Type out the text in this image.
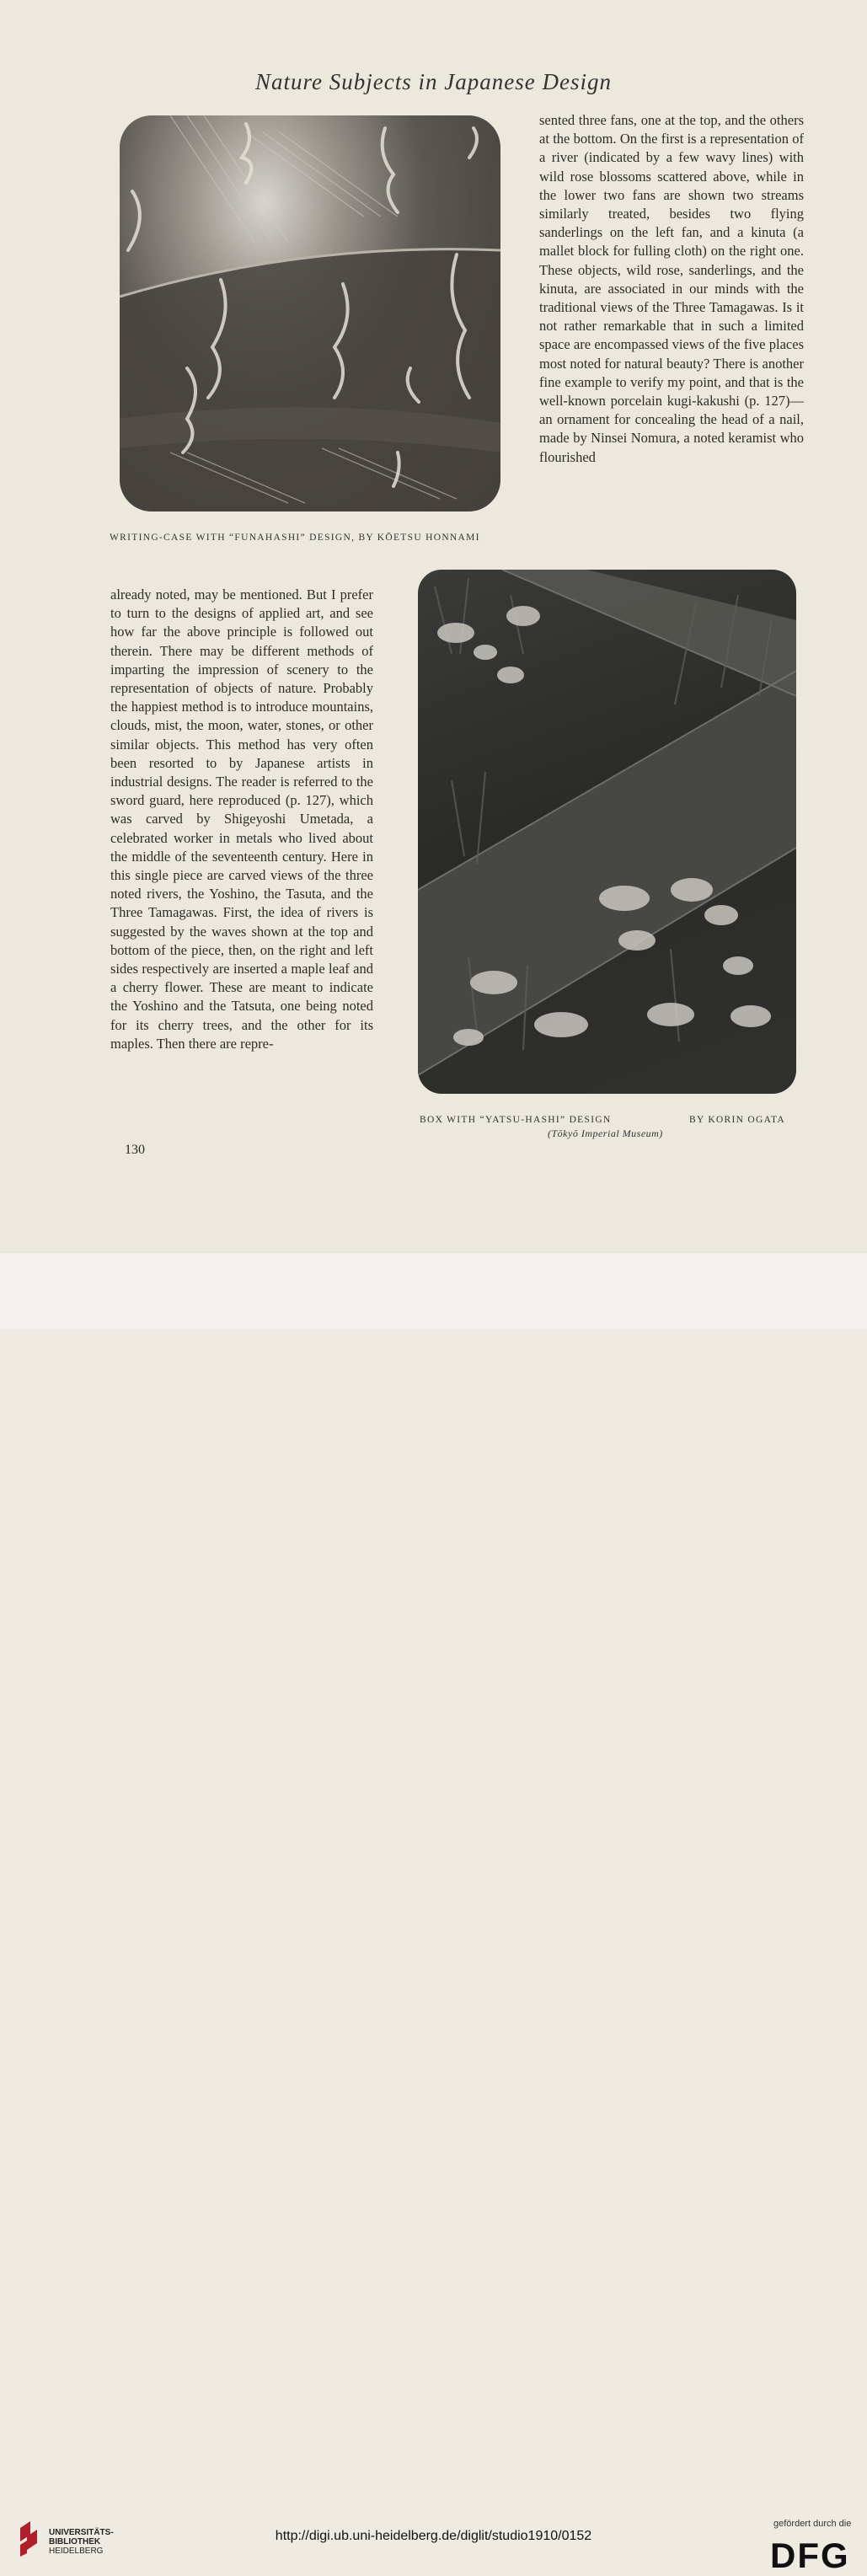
Nature Subjects in Japanese Design
WRITING-CASE WITH “FUNAHASHI” DESIGN, BY KŌETSU HONNAMI

sented three fans, one at the top, and the others at the bottom. On the first is a representation of a river (indicated by a few wavy lines) with wild rose blossoms scattered above, while in the lower two fans are shown two streams similarly treated, besides two flying sanderlings on the left fan, and a kinuta (a mallet block for fulling cloth) on the right one. These objects, wild rose, sanderlings, and the kinuta, are associated in our minds with the traditional views of the Three Tamagawas. Is it not rather remarkable that in such a limited space are encompassed views of the five places most noted for natural beauty? There is another fine example to verify my point, and that is the well-known porcelain kugi-kakushi (p. 127)—an ornament for concealing the head of a nail, made by Ninsei Nomura, a noted keramist who flourished

already noted, may be mentioned. But I prefer to turn to the designs of applied art, and see how far the above principle is followed out therein. There may be different methods of imparting the impression of scenery to the representation of objects of nature. Probably the happiest method is to introduce mountains, clouds, mist, the moon, water, stones, or other similar objects. This method has very often been resorted to by Japanese artists in industrial designs. The reader is referred to the sword guard, here reproduced (p. 127), which was carved by Shigeyoshi Umetada, a celebrated worker in metals who lived about the middle of the seventeenth century. Here in this single piece are carved views of the three noted rivers, the Yoshino, the Tasuta, and the Three Tamagawas. First, the idea of rivers is suggested by the waves shown at the top and bottom of the piece, then, on the right and left sides respectively are inserted a maple leaf and a cherry flower. These are meant to indicate the Yoshino and the Tatsuta, one being noted for its cherry trees, and the other for its maples. Then there are repre-

BOX WITH “YATSU-HASHI” DESIGN	BY KORIN OGATA
(Tōkyō Imperial Museum)
130
UNIVERSITÄTS-
BIBLIOTHEK
HEIDELBERG
http://digi.ub.uni-heidelberg.de/diglit/studio1910/0152
gefördert durch die
DFG
